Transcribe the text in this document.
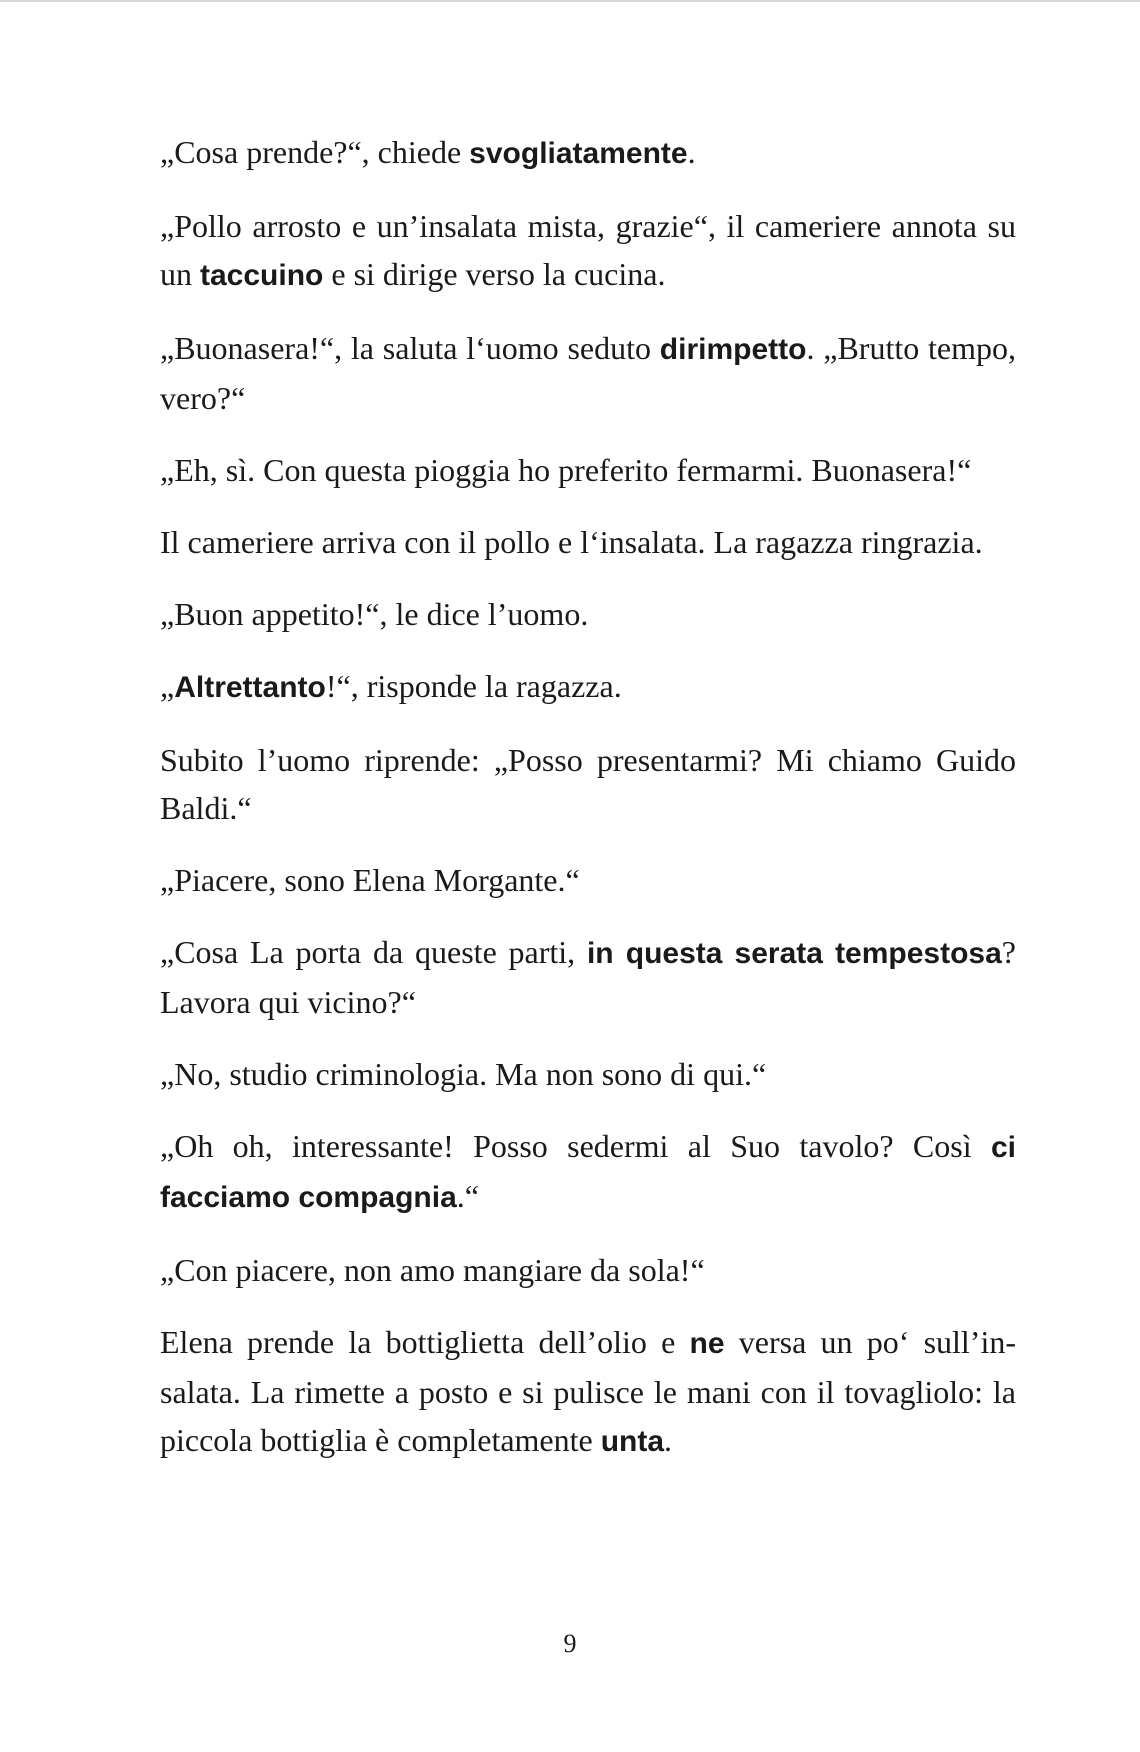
„Cosa prende?“, chiede svogliatamente.

„Pollo arrosto e un’insalata mista, grazie“, il cameriere annota su un taccuino e si dirige verso la cucina.

„Buonasera!“, la saluta l‘uomo seduto dirimpetto. „Brutto tempo, vero?“

„Eh, sì. Con questa pioggia ho preferito fermarmi. Buonasera!“

Il cameriere arriva con il pollo e l‘insalata. La ragazza ringrazia.

„Buon appetito!“, le dice l’uomo.

„Altrettanto!“, risponde la ragazza.

Subito l’uomo riprende: „Posso presentarmi? Mi chiamo Guido Baldi.“

„Piacere, sono Elena Morgante.“

„Cosa La porta da queste parti, in questa serata tempestosa? Lavora qui vicino?“

„No, studio criminologia. Ma non sono di qui.“

„Oh oh, interessante! Posso sedermi al Suo tavolo? Così ci facciamo compagnia.“

„Con piacere, non amo mangiare da sola!“

Elena prende la bottiglietta dell’olio e ne versa un po‘ sull’insalata. La rimette a posto e si pulisce le mani con il tovagliolo: la piccola bottiglia è completamente unta.

9
